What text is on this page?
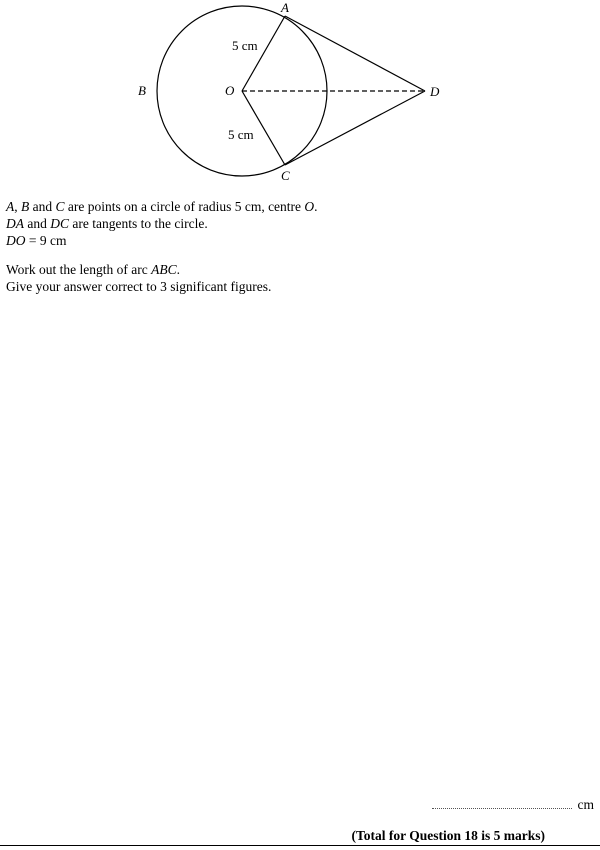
A
B
C
O	D
5 cm
5 cm

A, B and C are points on a circle of radius 5 cm, centre O.

DA and DC are tangents to the circle.

DO = 9 cm

Work out the length of arc ABC.

Give your answer correct to 3 significant figures.

cm
(Total for Question 18 is 5 marks)
